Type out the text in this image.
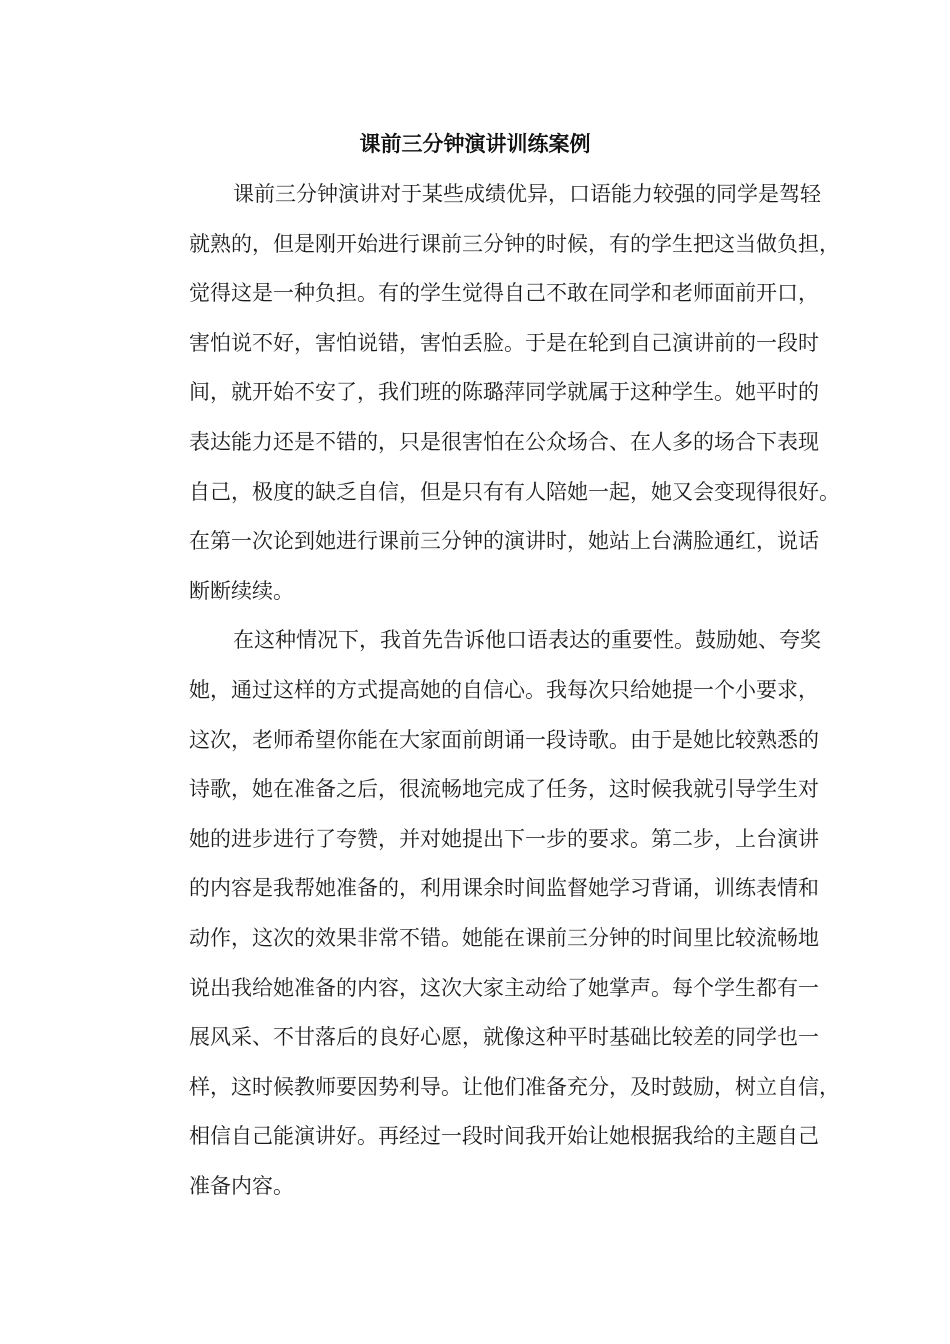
课前三分钟演讲训练案例
课前三分钟演讲对于某些成绩优异，口语能力较强的同学是驾轻
就熟的，但是刚开始进行课前三分钟的时候，有的学生把这当做负担，
觉得这是一种负担。有的学生觉得自己不敢在同学和老师面前开口，
害怕说不好，害怕说错，害怕丢脸。于是在轮到自己演讲前的一段时
间，就开始不安了，我们班的陈璐萍同学就属于这种学生。她平时的
表达能力还是不错的，只是很害怕在公众场合、在人多的场合下表现
自己，极度的缺乏自信，但是只有有人陪她一起，她又会变现得很好。
在第一次论到她进行课前三分钟的演讲时，她站上台满脸通红，说话
断断续续。
在这种情况下，我首先告诉他口语表达的重要性。鼓励她、夸奖
她，通过这样的方式提高她的自信心。我每次只给她提一个小要求，
这次，老师希望你能在大家面前朗诵一段诗歌。由于是她比较熟悉的
诗歌，她在准备之后，很流畅地完成了任务，这时候我就引导学生对
她的进步进行了夸赞，并对她提出下一步的要求。第二步，上台演讲
的内容是我帮她准备的，利用课余时间监督她学习背诵，训练表情和
动作，这次的效果非常不错。她能在课前三分钟的时间里比较流畅地
说出我给她准备的内容，这次大家主动给了她掌声。每个学生都有一
展风采、不甘落后的良好心愿，就像这种平时基础比较差的同学也一
样，这时候教师要因势利导。让他们准备充分，及时鼓励，树立自信，
相信自己能演讲好。再经过一段时间我开始让她根据我给的主题自己
准备内容。
